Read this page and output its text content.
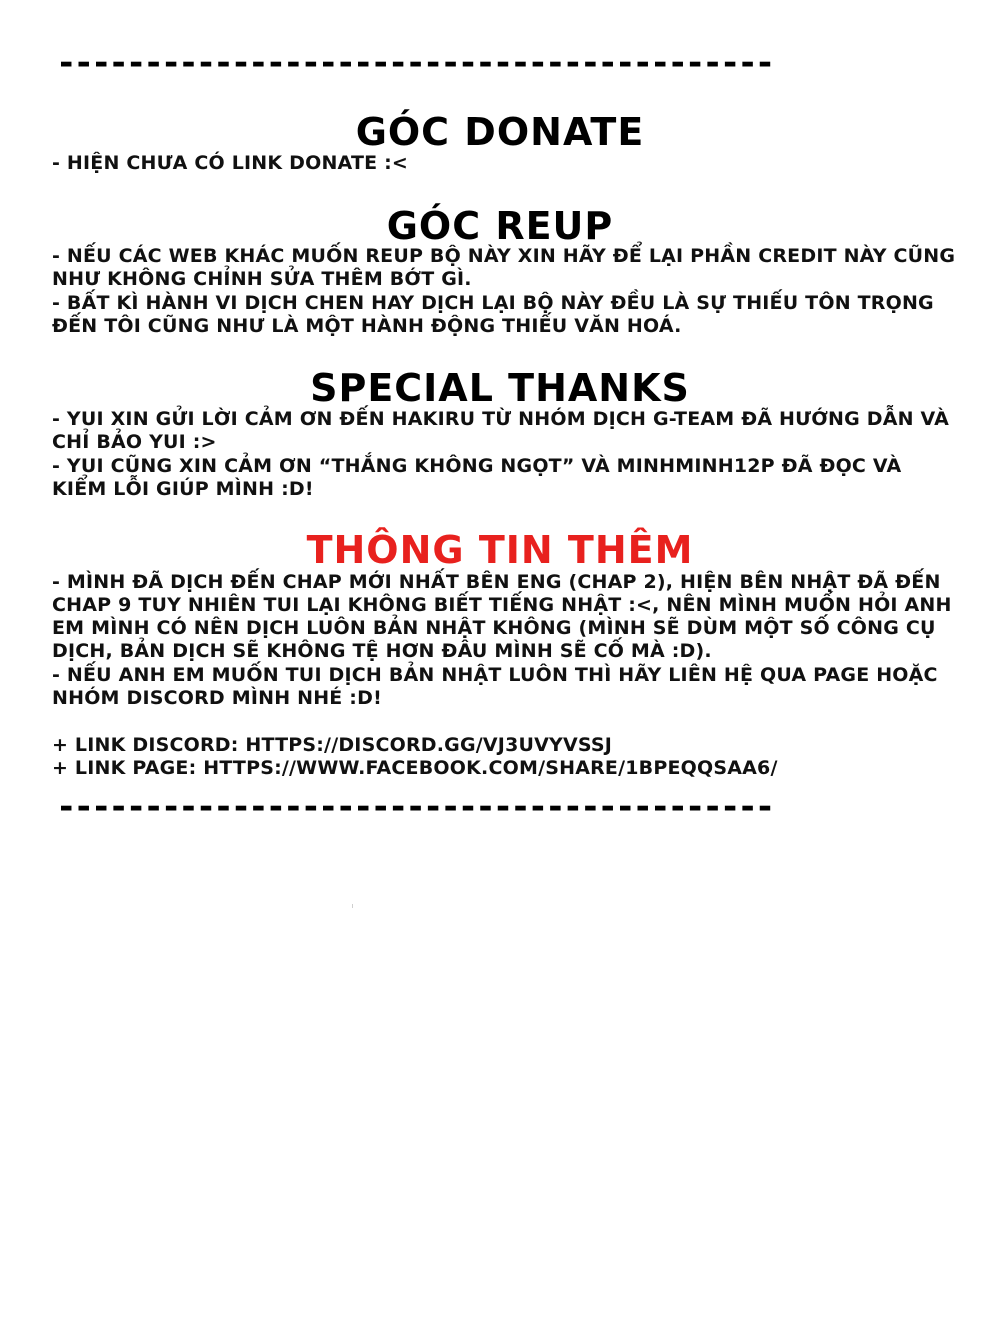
-----------------------------------------
GÓC DONATE

- HIỆN CHƯA CÓ LINK DONATE :<

GÓC REUP

- NẾU CÁC WEB KHÁC MUỐN REUP BỘ NÀY XIN HÃY ĐỂ LẠI PHẦN CREDIT NÀY CŨNG NHƯ KHÔNG CHỈNH SỬA THÊM BỚT GÌ.

- BẤT KÌ HÀNH VI DỊCH CHEN HAY DỊCH LẠI BỘ NÀY ĐỀU LÀ SỰ THIẾU TÔN TRỌNG ĐẾN TÔI CŨNG NHƯ LÀ MỘT HÀNH ĐỘNG THIẾU VĂN HOÁ.

SPECIAL THANKS

- YUI XIN GỬI LỜI CẢM ƠN ĐẾN HAKIRU TỪ NHÓM DỊCH G-TEAM ĐÃ HƯỚNG DẪN VÀ CHỈ BẢO YUI :>

- YUI CŨNG XIN CẢM ƠN “THẮNG KHÔNG NGỌT” VÀ MINHMINH12P ĐÃ ĐỌC VÀ KIỂM LỖI GIÚP MÌNH :D!

THÔNG TIN THÊM

- MÌNH ĐÃ DỊCH ĐẾN CHAP MỚI NHẤT BÊN ENG (CHAP 2), HIỆN BÊN NHẬT ĐÃ ĐẾN CHAP 9 TUY NHIÊN TUI LẠI KHÔNG BIẾT TIẾNG NHẬT :<, NÊN MÌNH MUỐN HỎI ANH EM MÌNH CÓ NÊN DỊCH LUÔN BẢN NHẬT KHÔNG (MÌNH SẼ DÙM MỘT SỐ CÔNG CỤ DỊCH, BẢN DỊCH SẼ KHÔNG TỆ HƠN ĐÂU MÌNH SẼ CỐ MÀ :D).

- NẾU ANH EM MUỐN TUI DỊCH BẢN NHẬT LUÔN THÌ HÃY LIÊN HỆ QUA PAGE HOẶC NHÓM DISCORD MÌNH NHÉ :D!

+ LINK DISCORD: HTTPS://DISCORD.GG/VJ3UVYVSSJ

+ LINK PAGE: HTTPS://WWW.FACEBOOK.COM/SHARE/1BPEQQSAA6/

-----------------------------------------
